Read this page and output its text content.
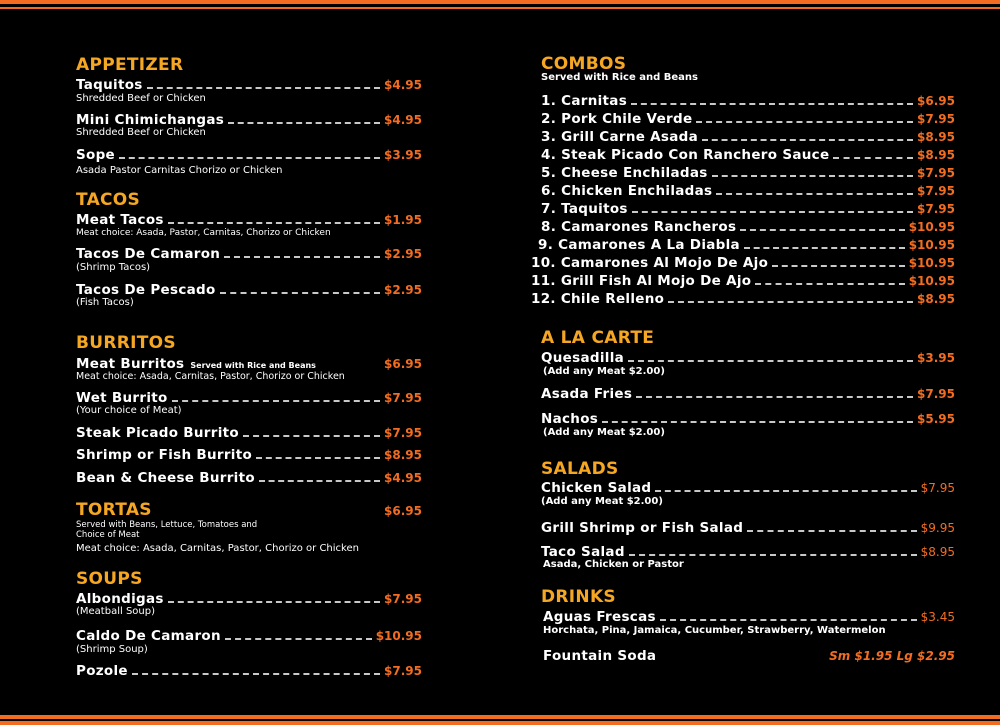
APPETIZER
Taquitos	$4.95
Shredded Beef or Chicken
Mini Chimichangas	$4.95
Shredded Beef or Chicken
Sope	$3.95
Asada Pastor Carnitas Chorizo or Chicken
TACOS
Meat Tacos	$1.95
Meat choice: Asada, Pastor, Carnitas, Chorizo or Chicken
Tacos De Camaron	$2.95
(Shrimp Tacos)
Tacos De Pescado	$2.95
(Fish Tacos)
BURRITOS
Meat Burritos Served with Rice and Beans	$6.95
Meat choice: Asada, Carnitas, Pastor, Chorizo or Chicken
Wet Burrito	$7.95
(Your choice of Meat)
Steak Picado Burrito	$7.95
Shrimp or Fish Burrito	$8.95
Bean & Cheese Burrito	$4.95
TORTAS	$6.95
Served with Beans, Lettuce, Tomatoes and
Choice of Meat
Meat choice: Asada, Carnitas, Pastor, Chorizo or Chicken
SOUPS
Albondigas	$7.95
(Meatball Soup)
Caldo De Camaron	$10.95
(Shrimp Soup)
Pozole	$7.95
COMBOS
Served with Rice and Beans
1. Carnitas	$6.95
2. Pork Chile Verde	$7.95
3. Grill Carne Asada	$8.95
4. Steak Picado Con Ranchero Sauce	$8.95
5. Cheese Enchiladas	$7.95
6. Chicken Enchiladas	$7.95
7. Taquitos	$7.95
8. Camarones Rancheros	$10.95
9. Camarones A La Diabla	$10.95
10. Camarones Al Mojo De Ajo	$10.95
11. Grill Fish Al Mojo De Ajo	$10.95
12. Chile Relleno	$8.95
A LA CARTE
Quesadilla	$3.95
(Add any Meat $2.00)
Asada Fries	$7.95
Nachos	$5.95
(Add any Meat $2.00)
SALADS
Chicken Salad	$7.95
(Add any Meat $2.00)
Grill Shrimp or Fish Salad	$9.95
Taco Salad	$8.95
Asada, Chicken or Pastor
DRINKS
Aguas Frescas	$3.45
Horchata, Pina, Jamaica, Cucumber, Strawberry, Watermelon
Fountain Soda	Sm $1.95 Lg $2.95
